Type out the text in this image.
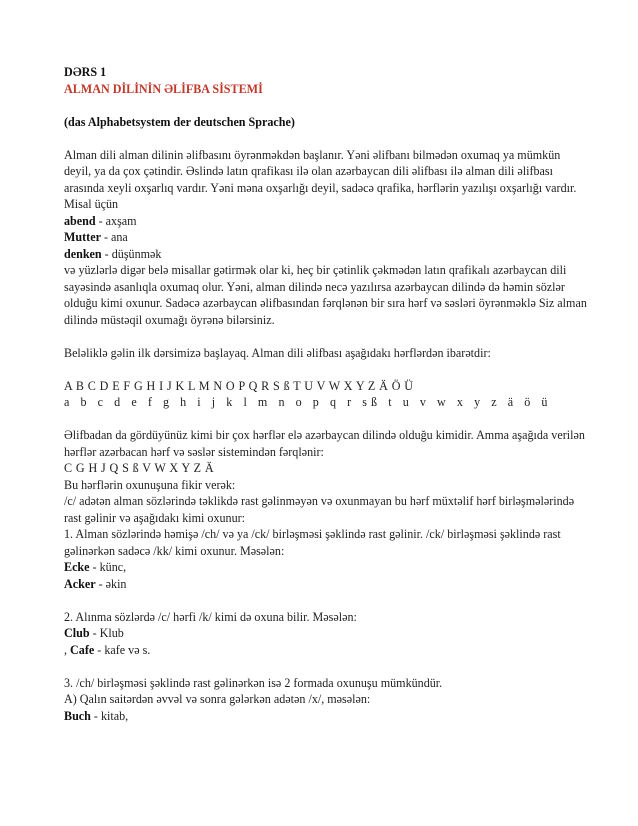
DƏRS 1
ALMAN DİLİNİN ƏLİFBA SİSTEMİ
(das Alphabetsystem der deutschen Sprache)
Alman dili alman dilinin əlifbasını öyrənməkdən başlanır. Yəni əlifbanı bilmədən oxumaq ya mümkün
deyil, ya da çox çətindir. Əslində latın qrafikası ilə olan azərbaycan dili əlifbası ilə alman dili əlifbası
arasında xeyli oxşarlıq vardır. Yəni məna oxşarlığı deyil, sadəcə qrafika, hərflərin yazılışı oxşarlığı vardır.
Misal üçün
abend - axşam
Mutter - ana
denken - düşünmək
və yüzlərlə digər belə misallar gətirmək olar ki, heç bir çətinlik çəkmədən latın qrafikalı azərbaycan dili
sayəsində asanlıqla oxumaq olur. Yəni, alman dilində necə yazılırsa azərbaycan dilində də həmin sözlər
olduğu kimi oxunur. Sadəcə azərbaycan əlifbasından fərqlənən bir sıra hərf və səsləri öyrənməklə Siz alman
dilində müstəqil oxumağı öyrənə bilərsiniz.
Beləliklə gəlin ilk dərsimizə başlayaq. Alman dili əlifbası aşağıdakı hərflərdən ibarətdir:
A B C D E F G H I J K L M N O P Q R S ß T U V W X Y Z Ä Ö Ü
a b c d e f g h i j k l m n o p q r sß t u v w x y z ä ö ü
Əlifbadan da gördüyünüz kimi bir çox hərflər elə azərbaycan dilində olduğu kimidir. Amma aşağıda verilən
hərflər azərbacan hərf və səslər sistemindən fərqlənir:
C G H J Q S ß V W X Y Z Ä
Bu hərflərin oxunuşuna fikir verək:
/c/ adətən alman sözlərində təklikdə rast gəlinməyən və oxunmayan bu hərf müxtəlif hərf birləşmələrində
rast gəlinir və aşağıdakı kimi oxunur:
1. Alman sözlərində həmişə /ch/ və ya /ck/ birləşməsi şəklində rast gəlinir. /ck/ birləşməsi şəklində rast
gəlinərkən sadəcə /kk/ kimi oxunur. Məsələn:
Ecke - künc,
Acker - əkin
2. Alınma sözlərdə /c/ hərfi /k/ kimi də oxuna bilir. Məsələn:
Club - Klub
, Cafe - kafe və s.
3. /ch/ birləşməsi şəklində rast gəlinərkən isə 2 formada oxunuşu mümkündür.
A) Qalın saitərdən əvvəl və sonra gələrkən adətən /x/, məsələn:
Buch - kitab,
